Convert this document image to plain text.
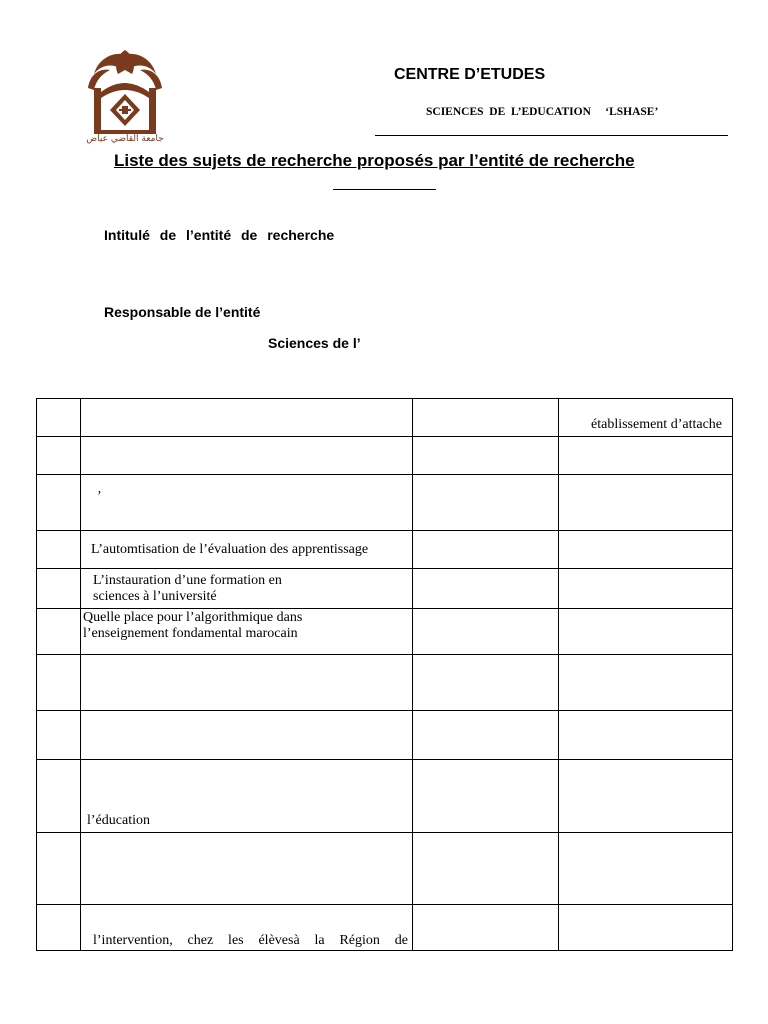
جامعة القاضي عياض
CENTRE D’ETUDES
SCIENCES  DE  L’EDUCATION     ‘LSHASE’
Liste des sujets de recherche proposés par l’entité de recherche
Intitulé de l’entité de recherche
Responsable de l’entité
Sciences de l’
			établissement d’attache

	’		
	L’automtisation de l’évaluation des apprentissage		
	L’instauration d’une formation en sciences à l’université		
	Quelle place pour l’algorithmique dans l’enseignement fondamental marocain		

	l’éducation		

	l’intervention, chez les élèvesà la Région de		
